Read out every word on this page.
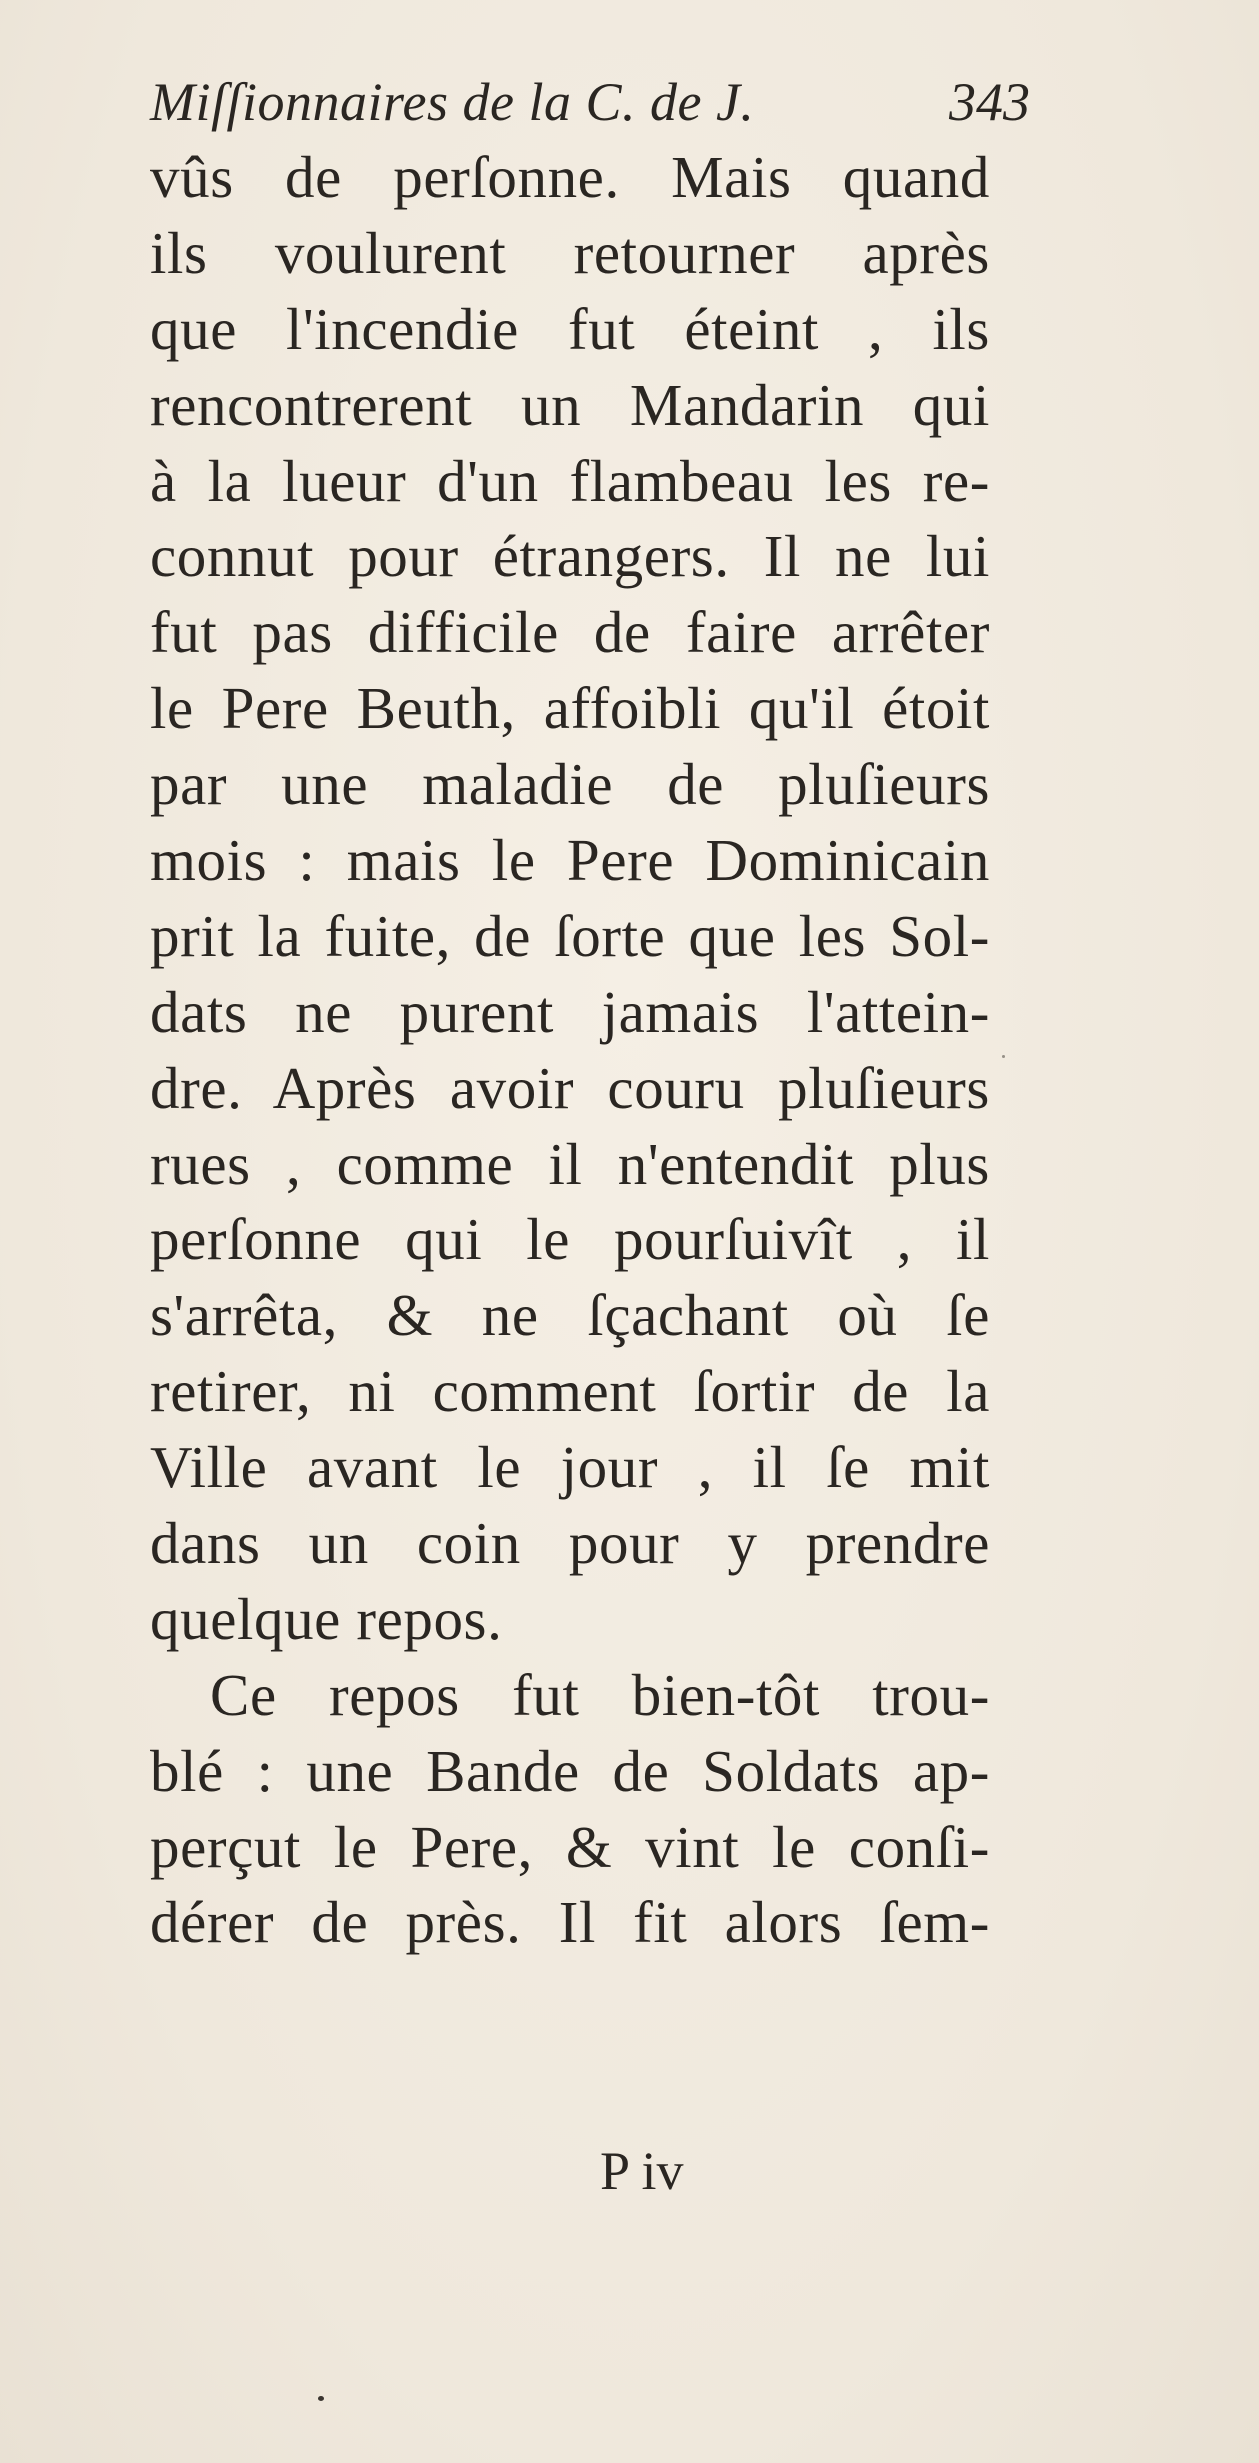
Miſſionnaires de la C. de J.	343
vûs de perſonne. Mais quand
ils voulurent retourner après
que l'incendie fut éteint , ils
rencontrerent un Mandarin qui
à la lueur d'un flambeau les re-
connut pour étrangers. Il ne lui
fut pas difficile de faire arrêter
le Pere Beuth, affoibli qu'il étoit
par une maladie de pluſieurs
mois : mais le Pere Dominicain
prit la fuite, de ſorte que les Sol-
dats ne purent jamais l'attein-
dre. Après avoir couru pluſieurs
rues , comme il n'entendit plus
perſonne qui le pourſuivît , il
s'arrêta, & ne ſçachant où ſe
retirer, ni comment ſortir de la
Ville avant le jour , il ſe mit
dans un coin pour y prendre
quelque repos.
Ce repos fut bien-tôt trou-
blé : une Bande de Soldats ap-
perçut le Pere, & vint le conſi-
dérer de près. Il fit alors ſem-
P iv
